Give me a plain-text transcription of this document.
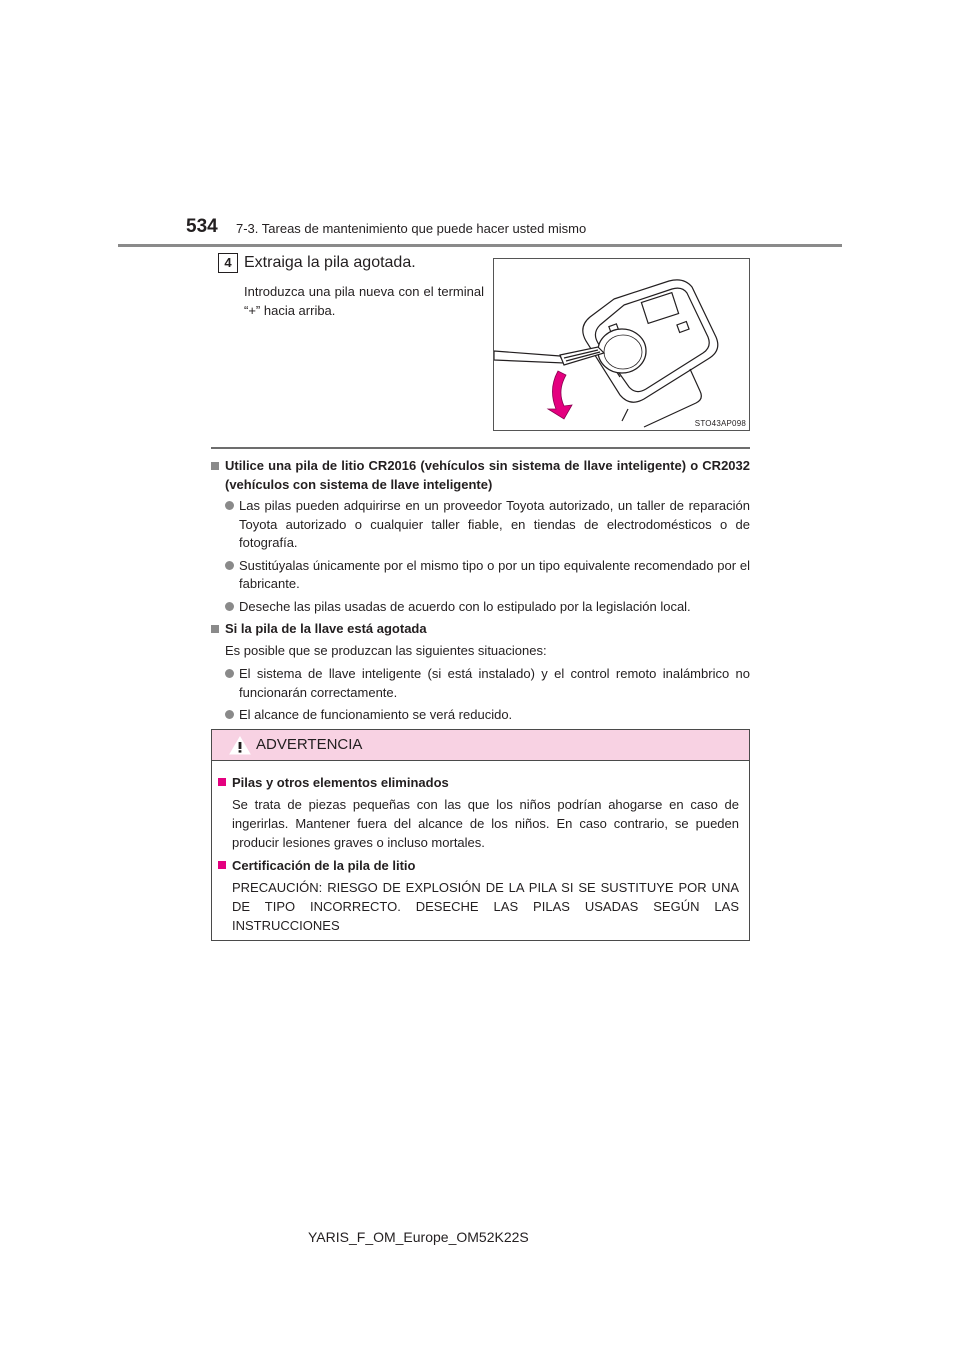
534 7-3. Tareas de mantenimiento que puede hacer usted mismo
4 Extraiga la pila agotada.
Introduzca una pila nueva con el terminal “+” hacia arriba.
STO43AP098
Utilice una pila de litio CR2016 (vehículos sin sistema de llave inteligente) o CR2032 (vehículos con sistema de llave inteligente)
Las pilas pueden adquirirse en un proveedor Toyota autorizado, un taller de reparación Toyota autorizado o cualquier taller fiable, en tiendas de electrodomésticos o de fotografía.
Sustitúyalas únicamente por el mismo tipo o por un tipo equivalente recomendado por el fabricante.
Deseche las pilas usadas de acuerdo con lo estipulado por la legislación local.
Si la pila de la llave está agotada
Es posible que se produzcan las siguientes situaciones:
El sistema de llave inteligente (si está instalado) y el control remoto inalámbrico no funcionarán correctamente.
El alcance de funcionamiento se verá reducido.
ADVERTENCIA
Pilas y otros elementos eliminados
Se trata de piezas pequeñas con las que los niños podrían ahogarse en caso de ingerirlas. Mantener fuera del alcance de los niños. En caso contrario, se pueden producir lesiones graves o incluso mortales.
Certificación de la pila de litio
PRECAUCIÓN: RIESGO DE EXPLOSIÓN DE LA PILA SI SE SUSTITUYE POR UNA DE TIPO INCORRECTO. DESECHE LAS PILAS USADAS SEGÚN LAS INSTRUCCIONES
YARIS_F_OM_Europe_OM52K22S
